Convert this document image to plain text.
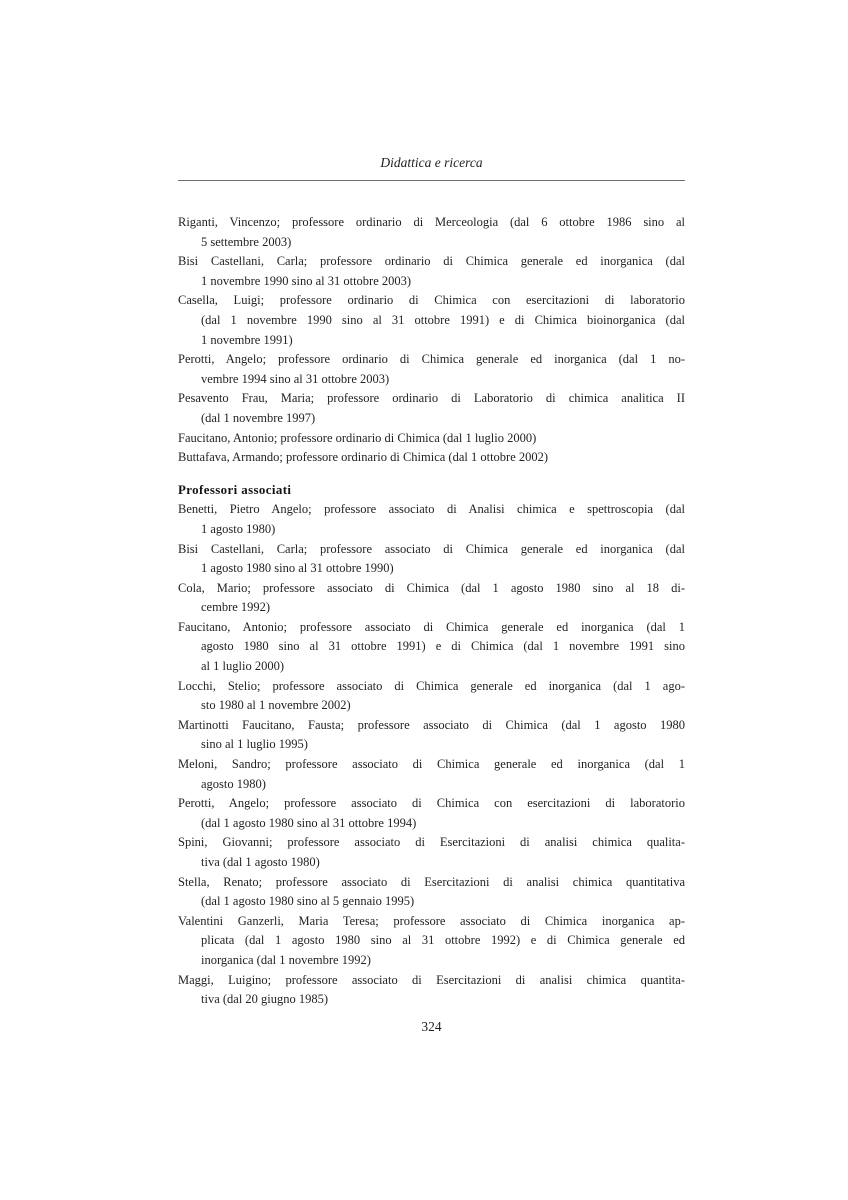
Didattica e ricerca
Riganti, Vincenzo; professore ordinario di Merceologia (dal 6 ottobre 1986 sino al
5 settembre 2003)
Bisi Castellani, Carla; professore ordinario di Chimica generale ed inorganica (dal
1 novembre 1990 sino al 31 ottobre 2003)
Casella, Luigi; professore ordinario di Chimica con esercitazioni di laboratorio
(dal 1 novembre 1990 sino al 31 ottobre 1991) e di Chimica bioinorganica (dal
1 novembre 1991)
Perotti, Angelo; professore ordinario di Chimica generale ed inorganica (dal 1 no-
vembre 1994 sino al 31 ottobre 2003)
Pesavento Frau, Maria; professore ordinario di Laboratorio di chimica analitica II
(dal 1 novembre 1997)
Faucitano, Antonio; professore ordinario di Chimica (dal 1 luglio 2000)
Buttafava, Armando; professore ordinario di Chimica (dal 1 ottobre 2002)
Professori associati
Benetti, Pietro Angelo; professore associato di Analisi chimica e spettroscopia (dal
1 agosto 1980)
Bisi Castellani, Carla; professore associato di Chimica generale ed inorganica (dal
1 agosto 1980 sino al 31 ottobre 1990)
Cola, Mario; professore associato di Chimica (dal 1 agosto 1980 sino al 18 di-
cembre 1992)
Faucitano, Antonio; professore associato di Chimica generale ed inorganica (dal 1
agosto 1980 sino al 31 ottobre 1991) e di Chimica (dal 1 novembre 1991 sino
al 1 luglio 2000)
Locchi, Stelio; professore associato di Chimica generale ed inorganica (dal 1 ago-
sto 1980 al 1 novembre 2002)
Martinotti Faucitano, Fausta; professore associato di Chimica (dal 1 agosto 1980
sino al 1 luglio 1995)
Meloni, Sandro; professore associato di Chimica generale ed inorganica (dal 1
agosto 1980)
Perotti, Angelo; professore associato di Chimica con esercitazioni di laboratorio
(dal 1 agosto 1980 sino al 31 ottobre 1994)
Spini, Giovanni; professore associato di Esercitazioni di analisi chimica qualita-
tiva (dal 1 agosto 1980)
Stella, Renato; professore associato di Esercitazioni di analisi chimica quantitativa
(dal 1 agosto 1980 sino al 5 gennaio 1995)
Valentini Ganzerli, Maria Teresa; professore associato di Chimica inorganica ap-
plicata (dal 1 agosto 1980 sino al 31 ottobre 1992) e di Chimica generale ed
inorganica (dal 1 novembre 1992)
Maggi, Luigino; professore associato di Esercitazioni di analisi chimica quantita-
tiva (dal 20 giugno 1985)
324
